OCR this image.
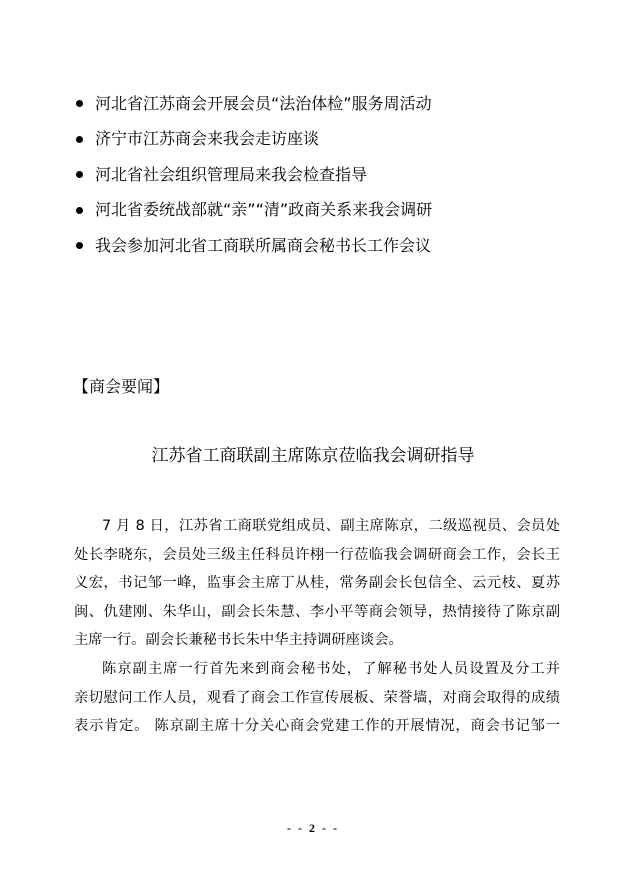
河北省江苏商会开展会员“法治体检”服务周活动
济宁市江苏商会来我会走访座谈
河北省社会组织管理局来我会检查指导
河北省委统战部就“亲”“清”政商关系来我会调研
我会参加河北省工商联所属商会秘书长工作会议
【商会要闻】
江苏省工商联副主席陈京莅临我会调研指导
7 月 8 日，江苏省工商联党组成员、副主席陈京，二级巡视员、会员处
处长李晓东，会员处三级主任科员许栩一行莅临我会调研商会工作，会长王
义宏，书记邹一峰，监事会主席丁从桂，常务副会长包信全、云元枝、夏苏
闽、仇建刚、朱华山，副会长朱慧、李小平等商会领导，热情接待了陈京副
主席一行。副会长兼秘书长朱中华主持调研座谈会。
陈京副主席一行首先来到商会秘书处，了解秘书处人员设置及分工并
亲切慰问工作人员，观看了商会工作宣传展板、荣誉墙，对商会取得的成绩
表示肯定。 陈京副主席十分关心商会党建工作的开展情况，商会书记邹一
- - 2 - -
